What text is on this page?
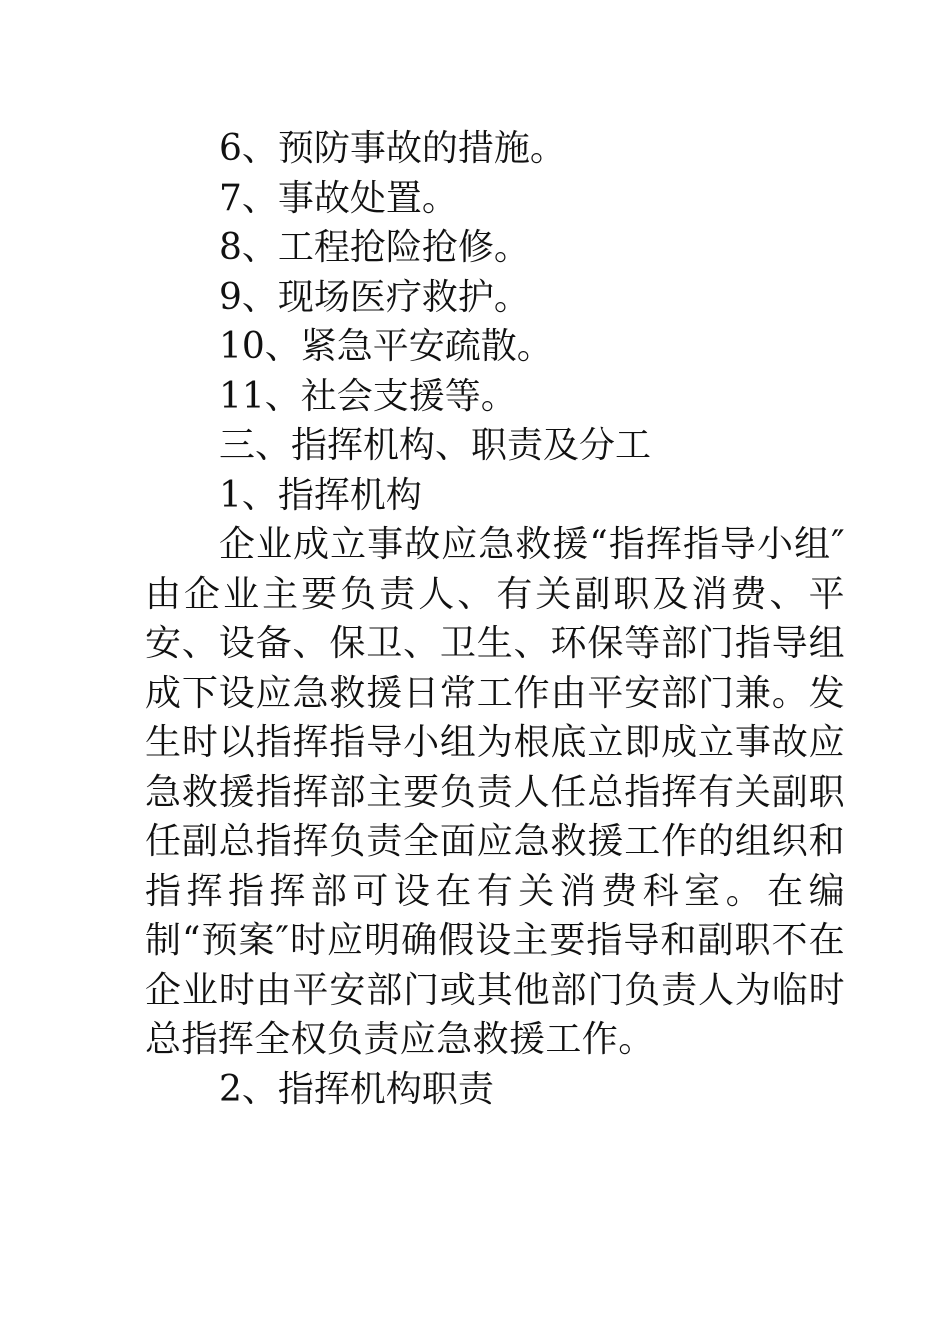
6、预防事故的措施。
7、事故处置。
8、工程抢险抢修。
9、现场医疗救护。
10、紧急平安疏散。
11、社会支援等。
三、指挥机构、职责及分工
1、指挥机构

企业成立事故应急救援“指挥指导小组″由企业主要负责人、有关副职及消费、平安、设备、保卫、卫生、环保等部门指导组成下设应急救援日常工作由平安部门兼。发生时以指挥指导小组为根底立即成立事故应急救援指挥部主要负责人任总指挥有关副职任副总指挥负责全面应急救援工作的组织和指挥指挥部可设在有关消费科室。在编制“预案″时应明确假设主要指导和副职不在企业时由平安部门或其他部门负责人为临时总指挥全权负责应急救援工作。

2、指挥机构职责
